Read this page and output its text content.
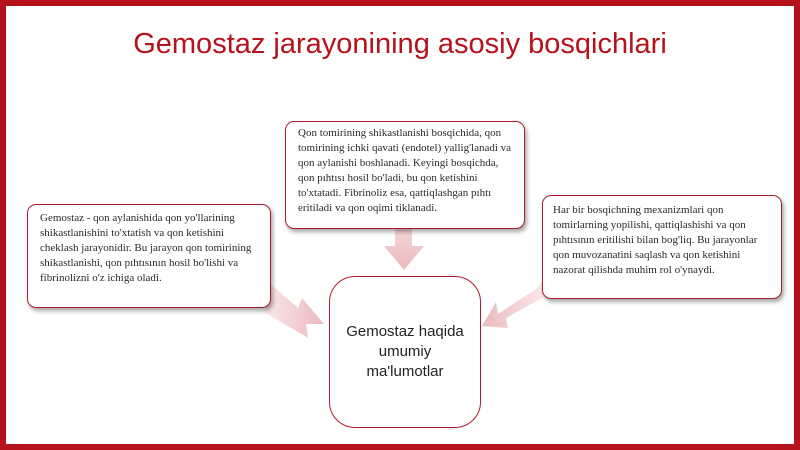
Gemostaz jarayonining asosiy bosqichlari
Qon tomirining shikastlanishi bosqichida, qon tomirining ichki qavati (endotel) yallig'lanadi va qon aylanishi boshlanadi. Keyingi bosqichda, qon pıhtısı hosil bo'ladi, bu qon ketishini to'xtatadi. Fibrinoliz esa, qattiqlashgan pıhtı eritiladi va qon oqimi tiklanadi.
Gemostaz - qon aylanishida qon yo'llarining shikastlanishini to'xtatish va qon ketishini cheklash jarayonidir. Bu jarayon qon tomirining shikastlanishi, qon pıhtısının hosil bo'lishi va fibrinolizni o'z ichiga oladi.
Har bir bosqichning mexanizmlari qon tomirlarning yopilishi, qattiqlashishi va qon pıhtısının eritilishi bilan bog'liq. Bu jarayonlar qon muvozanatini saqlash va qon ketishini nazorat qilishda muhim rol o'ynaydi.
Gemostaz haqida umumiy ma'lumotlar
